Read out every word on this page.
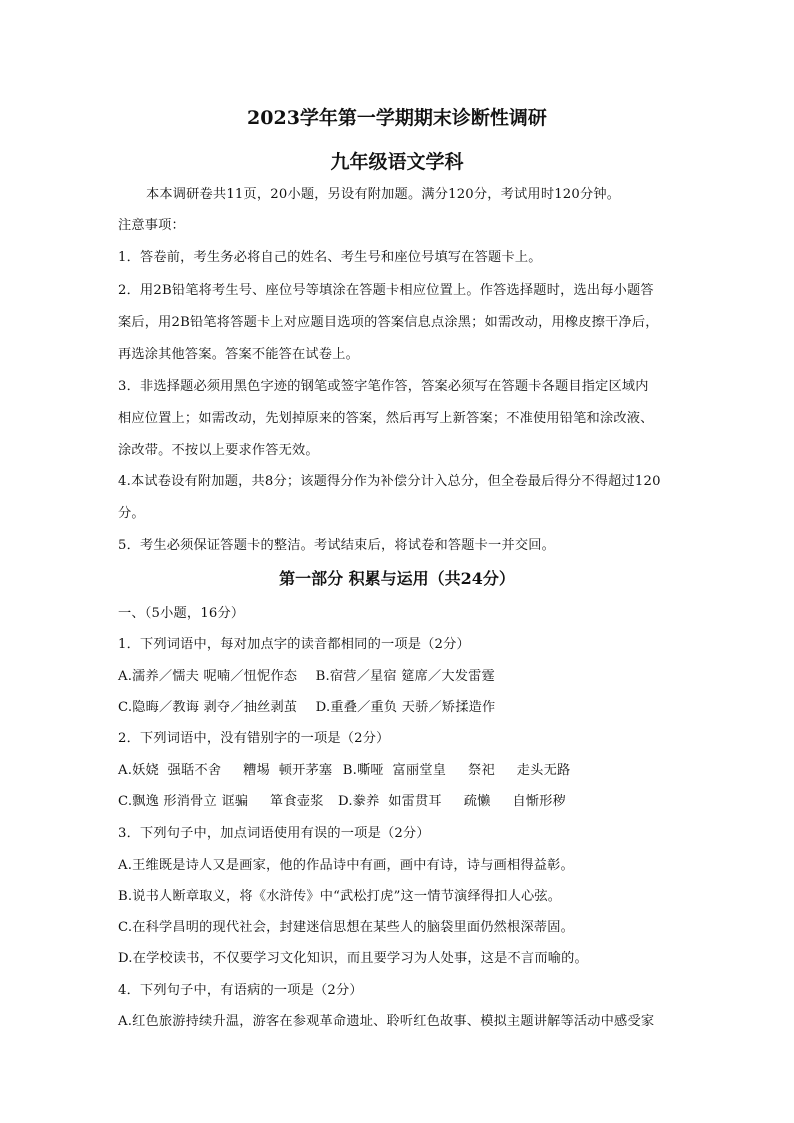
2023学年第一学期期末诊断性调研
九年级语文学科
本本调研卷共11页，20小题，另设有附加题。满分120分，考试用时120分钟。
注意事项：
1．答卷前，考生务必将自己的姓名、考生号和座位号填写在答题卡上。
2．用2B铅笔将考生号、座位号等填涂在答题卡相应位置上。作答选择题时，选出每小题答
案后，用2B铅笔将答题卡上对应题目选项的答案信息点涂黑；如需改动，用橡皮擦干净后，
再选涂其他答案。答案不能答在试卷上。
3．非选择题必须用黑色字迹的钢笔或签字笔作答，答案必须写在答题卡各题目指定区域内
相应位置上；如需改动，先划掉原来的答案，然后再写上新答案；不准使用铅笔和涂改液、
涂改带。不按以上要求作答无效。
4.本试卷设有附加题，共8分；该题得分作为补偿分计入总分，但全卷最后得分不得超过120
分。
5．考生必须保证答题卡的整洁。考试结束后，将试卷和答题卡一并交回。
第一部分 积累与运用（共24分）
一、（5小题，16分）
1．下列词语中，每对加点字的读音都相同的一项是（2分）
A.濡养／懦夫 呢喃／忸怩作态 B.宿营／星宿 筵席／大发雷霆
C.隐晦／教诲 剥夺／抽丝剥茧 D.重叠／重负 天骄／矫揉造作
2．下列词语中，没有错别字的一项是（2分）
A.妖娆  强聒不舍     糟埸  顿开茅塞 B.嘶哑  富丽堂皇     祭祀     走头无路
C.飘逸 形消骨立 诓骗     箪食壶浆 D.豢养  如雷贯耳     疏懒     自惭形秽
3．下列句子中，加点词语使用有误的一项是（2分）
A.王维既是诗人又是画家，他的作品诗中有画，画中有诗，诗与画相得益彰。
B.说书人断章取义，将《水浒传》中“武松打虎”这一情节演绎得扣人心弦。
C.在科学昌明的现代社会，封建迷信思想在某些人的脑袋里面仍然根深蒂固。
D.在学校读书，不仅要学习文化知识，而且要学习为人处事，这是不言而喻的。
4．下列句子中，有语病的一项是（2分）
A.红色旅游持续升温，游客在参观革命遗址、聆听红色故事、模拟主题讲解等活动中感受家
